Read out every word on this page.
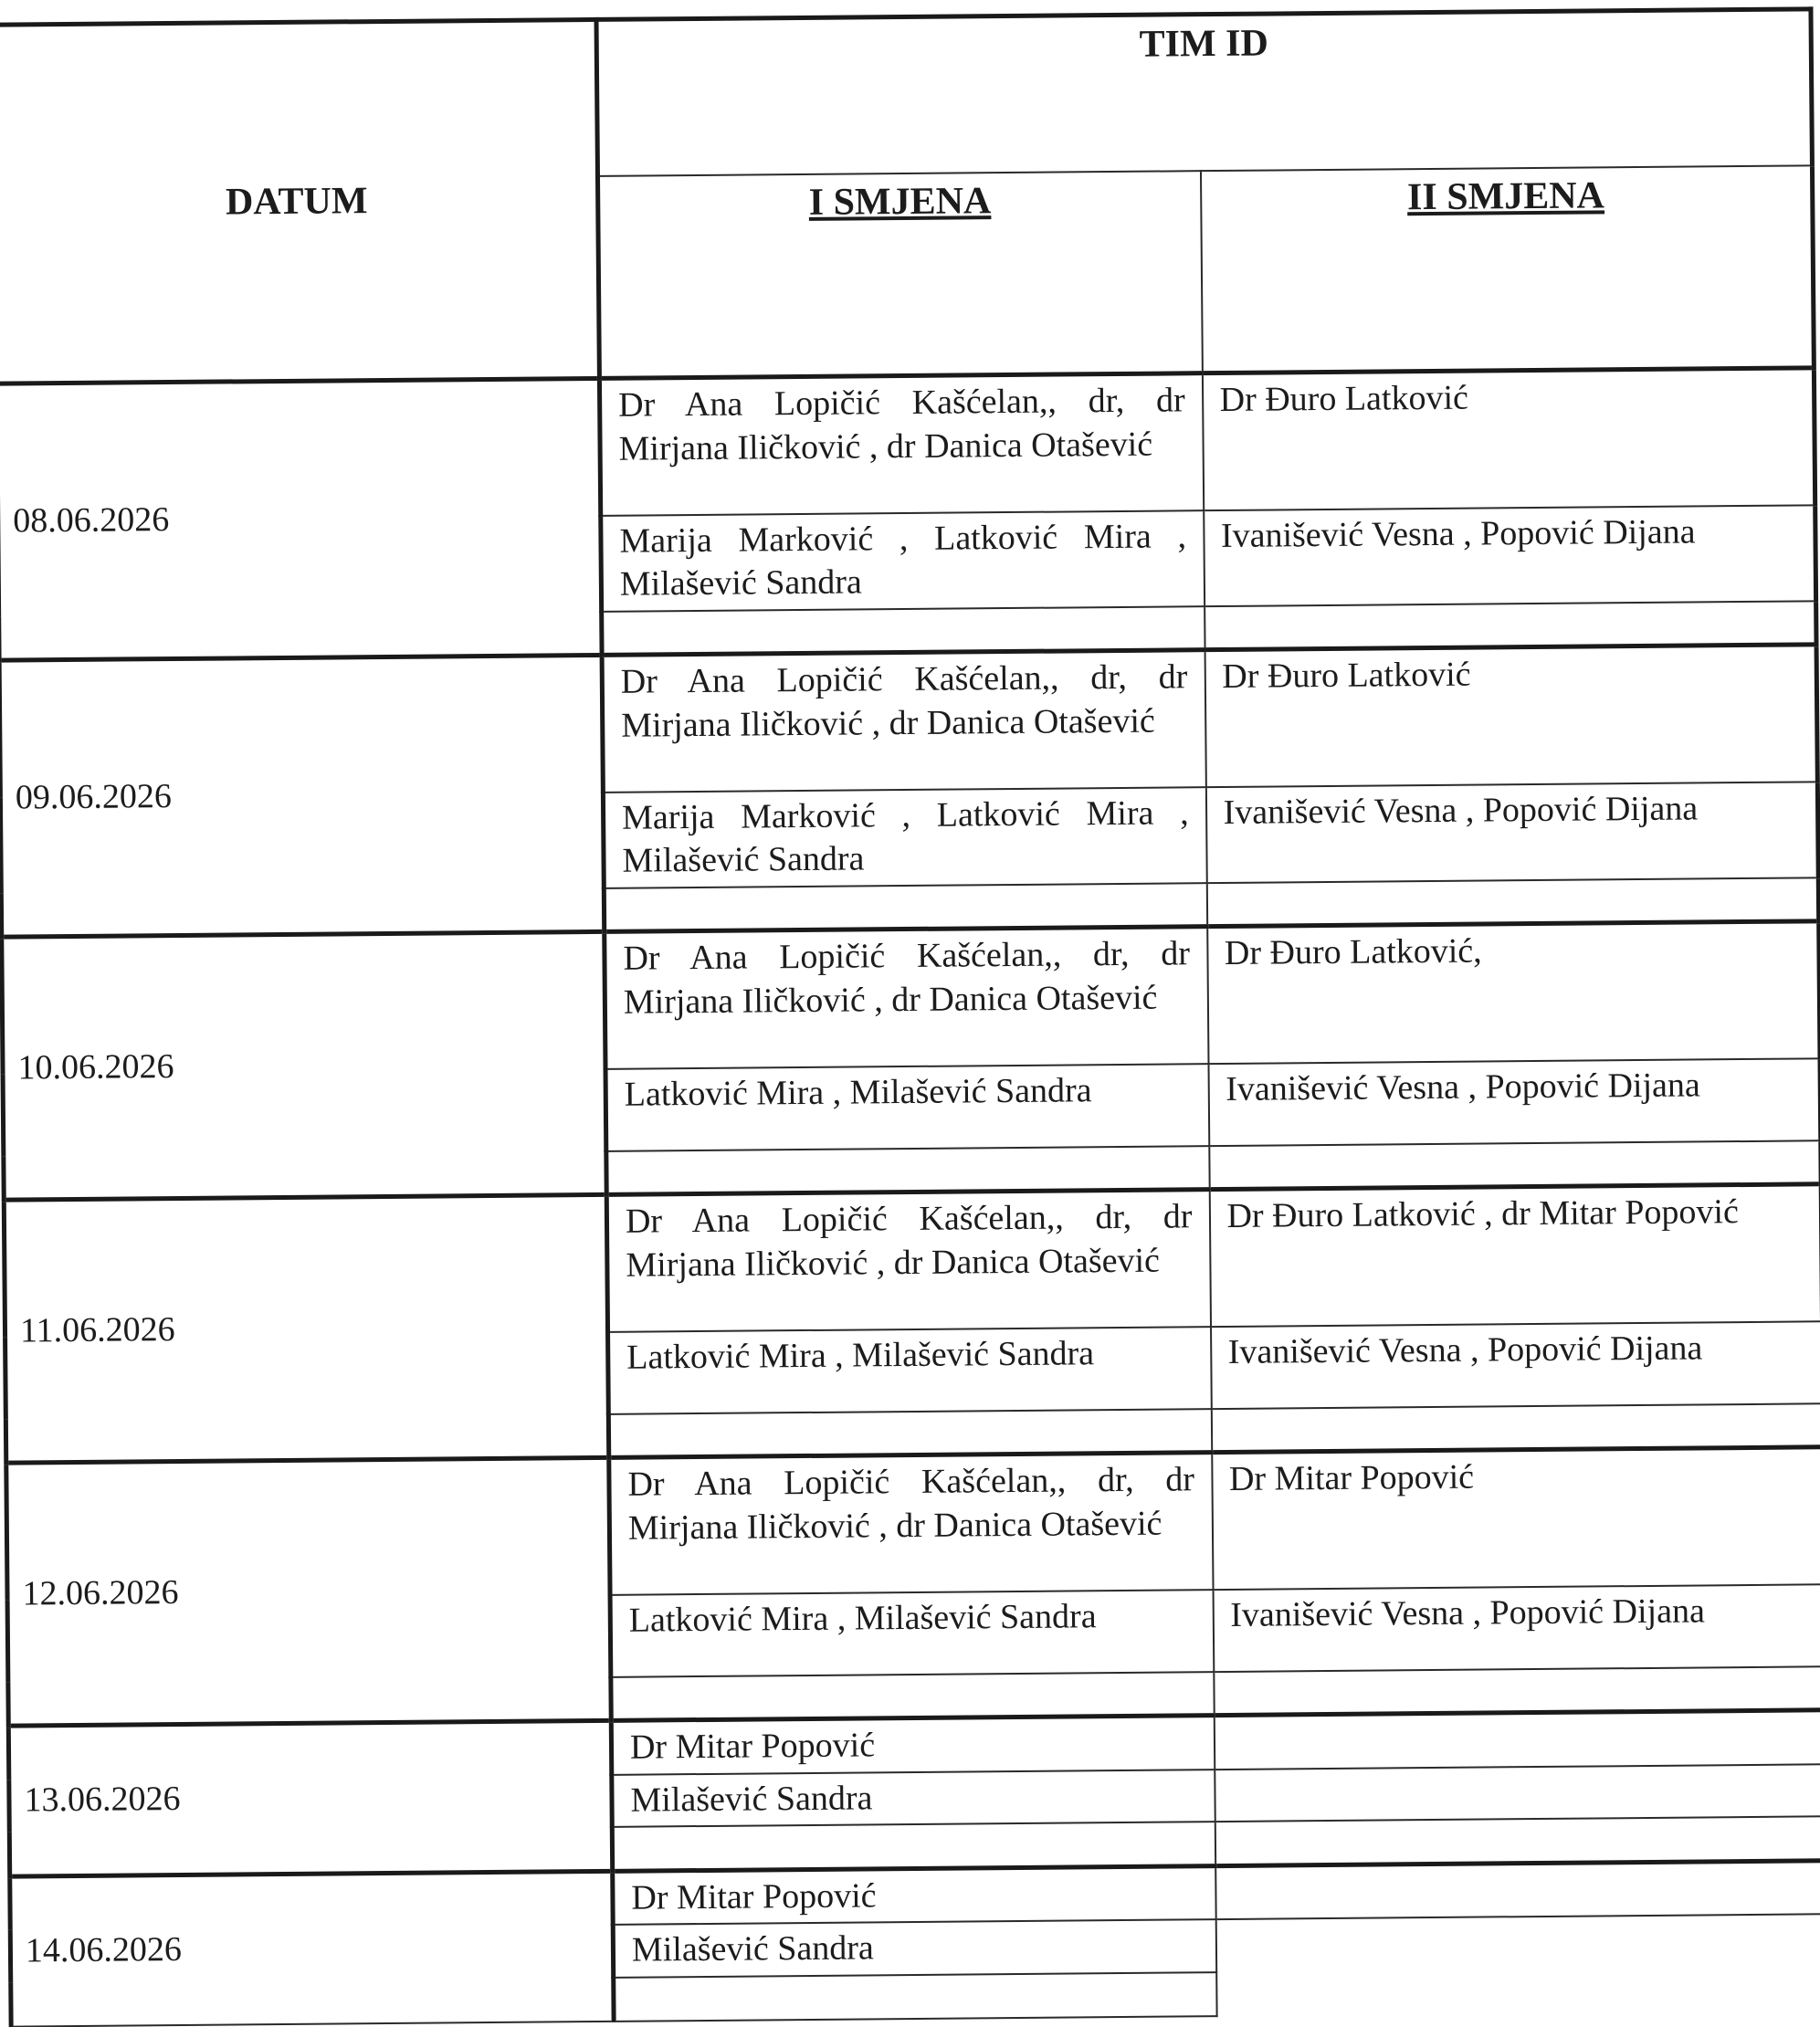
DATUM	TIM ID	
	I SMJENA	II SMJENA
08.06.2026	Dr Ana Lopičić Kašćelan,, dr, dr Mirjana Iličković , dr Danica Otašević	Dr Đuro Latković
	Marija Marković , Latković Mira , Milašević Sandra	Ivanišević Vesna , Popović Dijana

09.06.2026	Dr Ana Lopičić Kašćelan,, dr, dr Mirjana Iličković , dr Danica Otašević	Dr Đuro Latković
	Marija Marković , Latković Mira , Milašević Sandra	Ivanišević Vesna , Popović Dijana

10.06.2026	Dr Ana Lopičić Kašćelan,, dr, dr Mirjana Iličković , dr Danica Otašević	Dr Đuro Latković,
	Latković Mira , Milašević Sandra	Ivanišević Vesna , Popović Dijana

11.06.2026	Dr Ana Lopičić Kašćelan,, dr, dr Mirjana Iličković , dr Danica Otašević	Dr Đuro Latković , dr Mitar Popović
	Latković Mira , Milašević Sandra	Ivanišević Vesna , Popović Dijana

12.06.2026	Dr Ana Lopičić Kašćelan,, dr, dr Mirjana Iličković , dr Danica Otašević	Dr Mitar Popović
	Latković Mira , Milašević Sandra	Ivanišević Vesna , Popović Dijana

13.06.2026	Dr Mitar Popović	
	Milašević Sandra	

14.06.2026	Dr Mitar Popović	
	Milašević Sandra	
